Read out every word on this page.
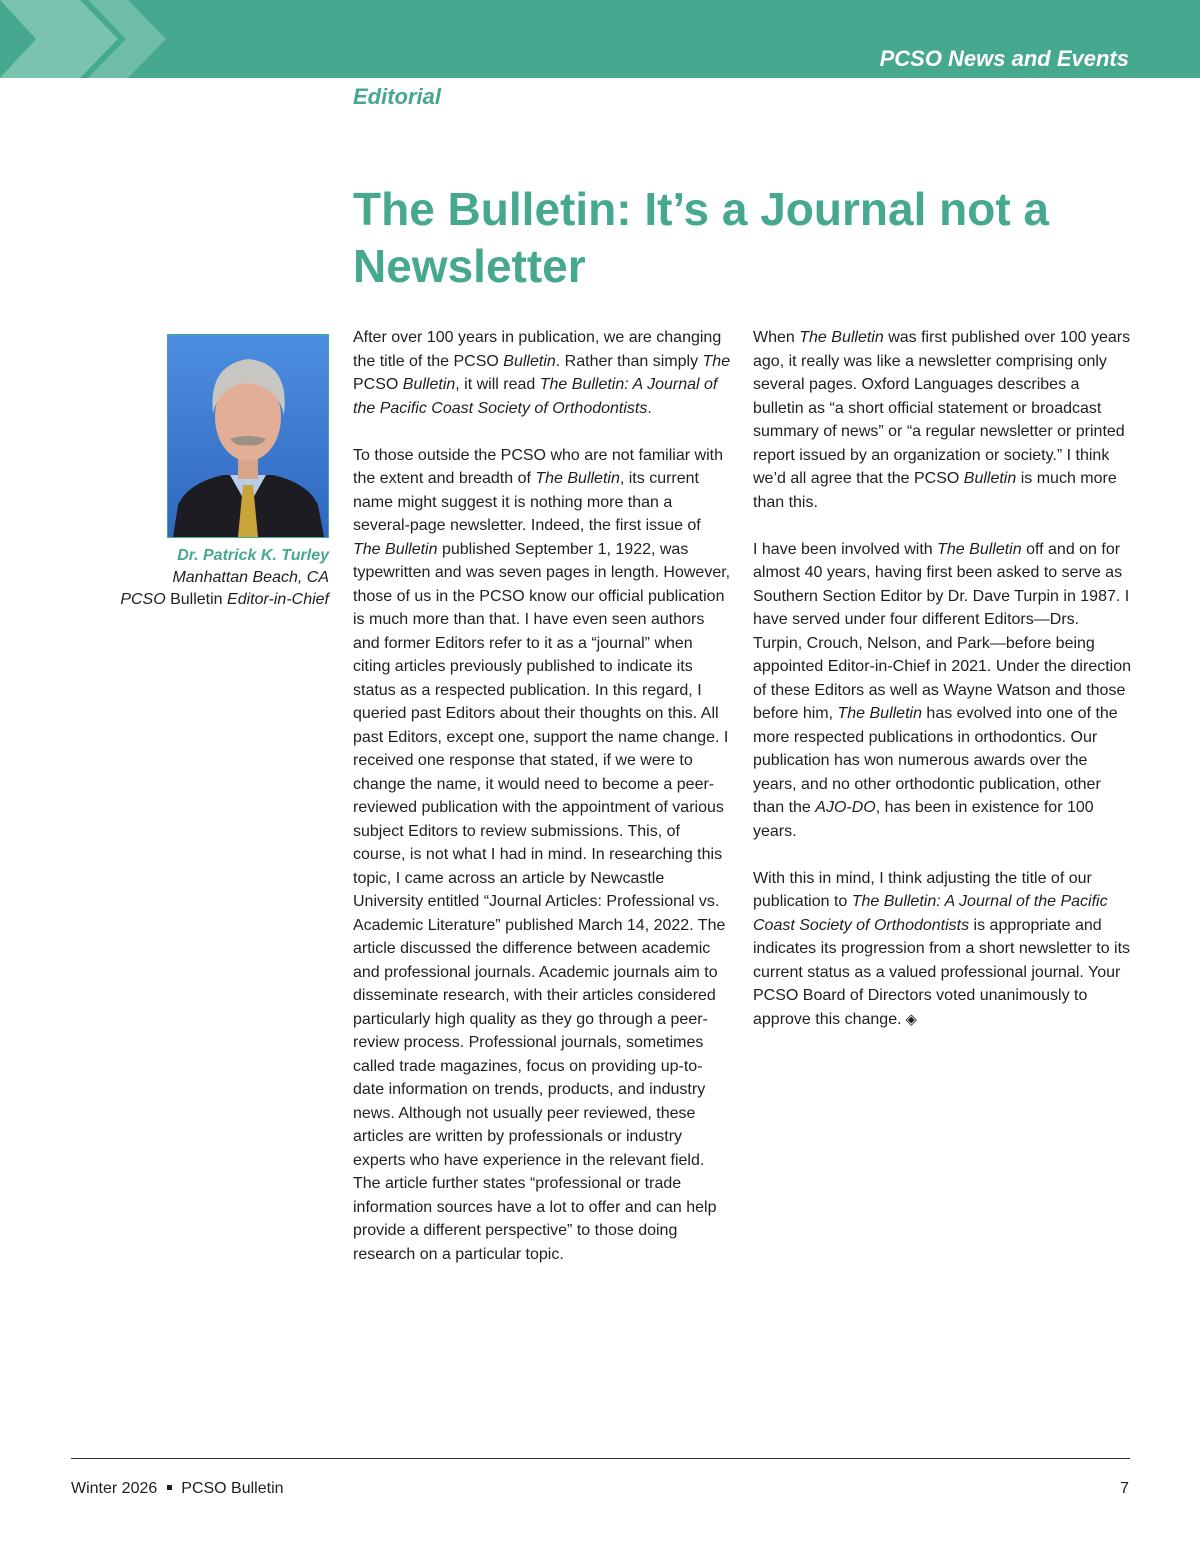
PCSO News and Events
Editorial
The Bulletin: It’s a Journal not a Newsletter
Dr. Patrick K. Turley
Manhattan Beach, CA
PCSO Bulletin Editor-in-Chief

After over 100 years in publication, we are changing the title of the PCSO Bulletin. Rather than simply The PCSO Bulletin, it will read The Bulletin: A Journal of the Pacific Coast Society of Orthodontists.

To those outside the PCSO who are not familiar with the extent and breadth of The Bulletin, its current name might suggest it is nothing more than a several-page newsletter. Indeed, the first issue of The Bulletin published September 1, 1922, was typewritten and was seven pages in length. However, those of us in the PCSO know our official publication is much more than that. I have even seen authors and former Editors refer to it as a “journal” when citing articles previously published to indicate its status as a respected publication. In this regard, I queried past Editors about their thoughts on this. All past Editors, except one, support the name change. I received one response that stated, if we were to change the name, it would need to become a peer-reviewed publication with the appointment of various subject Editors to review submissions. This, of course, is not what I had in mind. In researching this topic, I came across an article by Newcastle University entitled “Journal Articles: Professional vs. Academic Literature” published March 14, 2022. The article discussed the difference between academic and professional journals. Academic journals aim to disseminate research, with their articles considered particularly high quality as they go through a peer-review process. Professional journals, sometimes called trade magazines, focus on providing up-to-date information on trends, products, and industry news. Although not usually peer reviewed, these articles are written by professionals or industry experts who have experience in the relevant field. The article further states “professional or trade information sources have a lot to offer and can help provide a different perspective” to those doing research on a particular topic.

When The Bulletin was first published over 100 years ago, it really was like a newsletter comprising only several pages. Oxford Languages describes a bulletin as “a short official statement or broadcast summary of news” or “a regular newsletter or printed report issued by an organization or society.” I think we’d all agree that the PCSO Bulletin is much more than this.

I have been involved with The Bulletin off and on for almost 40 years, having first been asked to serve as Southern Section Editor by Dr. Dave Turpin in 1987. I have served under four different Editors—Drs. Turpin, Crouch, Nelson, and Park—before being appointed Editor-in-Chief in 2021. Under the direction of these Editors as well as Wayne Watson and those before him, The Bulletin has evolved into one of the more respected publications in orthodontics. Our publication has won numerous awards over the years, and no other orthodontic publication, other than the AJO-DO, has been in existence for 100 years.

With this in mind, I think adjusting the title of our publication to The Bulletin: A Journal of the Pacific Coast Society of Orthodontists is appropriate and indicates its progression from a short newsletter to its current status as a valued professional journal. Your PCSO Board of Directors voted unanimously to approve this change. ◈

Winter 2026 PCSO Bulletin	7
